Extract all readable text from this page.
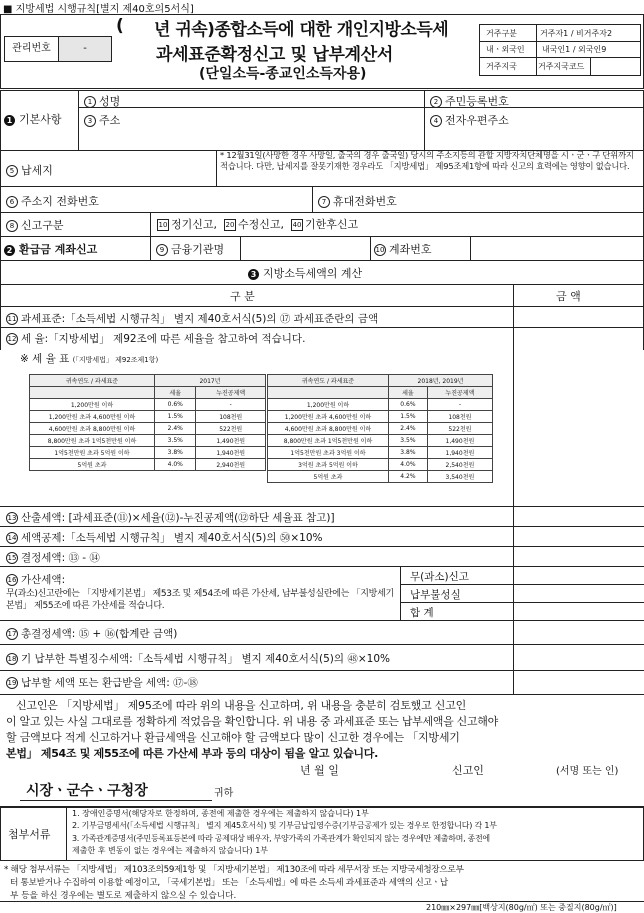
■ 지방세법 시행규칙[별지 제40호의5서식]
관리번호	-
( 년 귀속)종합소득에 대한 개인지방소득세
과세표준확정신고 및 납부계산서
(단일소득-종교인소득자용)
거주구분	거주자1 / 비거주자2
내ㆍ외국인 내국인1 / 외국인9
거주지국	거주지국코드
1 기본사항
1 성명	2 주민등록번호
3 주소	4 전자우편주소
5 납세지
* 12월31일(사망한 경우 사망일, 출국의 경우 출국일) 당시의 주소지등의 관할 지방자치단체명을 시ㆍ군ㆍ구 단위까지 적습니다. 다만, 납세지를 잘못기재한 경우라도 「지방세법」 제95조제1항에 따라 신고의 효력에는 영향이 없습니다.
6 주소지 전화번호	7 휴대전화번호
8 신고구분	10 정기신고, 20 수정신고, 40 기한후신고
2 환급금 계좌신고	9 금융기관명	10 계좌번호
3 지방소득세액의 계산
구 분	금 액
11 과세표준:「소득세법 시행규칙」 별지 제40호서식(5)의 ⑰ 과세표준란의 금액
12 세 율:「지방세법」 제92조에 따른 세율을 참고하여 적습니다.
※ 세 율 표 (「지방세법」 제92조제1항)
귀속연도 / 과세표준	2017년	
	세율	누진공제액
1,200만원 이하	0.6%	-
1,200만원 초과 4,600만원 이하	1.5%	108천원
4,600만원 초과 8,800만원 이하	2.4%	522천원
8,800만원 초과 1억5천만원 이하	3.5%	1,490천원
1억5천만원 초과 5억원 이하	3.8%	1,940천원
5억원 초과	4.0%	2,940천원
귀속연도 / 과세표준	2018년, 2019년	
	세율	누진공제액
1,200만원 이하	0.6%	-
1,200만원 초과 4,600만원 이하	1.5%	108천원
4,600만원 초과 8,800만원 이하	2.4%	522천원
8,800만원 초과 1억5천만원 이하	3.5%	1,490천원
1억5천만원 초과 3억원 이하	3.8%	1,940천원
3억원 초과 5억원 이하	4.0%	2,540천원
5억원 초과	4.2%	3,540천원
13 산출세액: [과세표준(⑪)×세율(⑫)-누진공제액(⑫하단 세율표 참고)]
14 세액공제:「소득세법 시행규칙」 별지 제40호서식(5)의 ㊿×10%
15 결정세액: ⑬ - ⑭
16 가산세액:
무(과소)신고란에는 「지방세기본법」 제53조 및 제54조에 따른 가산세, 납부불성실란에는 「지방세기본법」 제55조에 따른 가산세를 적습니다.
무(과소)신고
납부불성실
합 계
17 총결정세액: ⑮ + ⑯(합계란 금액)
18 기 납부한 특별징수세액:「소득세법 시행규칙」 별지 제40호서식(5)의 ㊽×10%
19 납부할 세액 또는 환급받을 세액: ⑰-⑱
신고인은 「지방세법」 제95조에 따라 위의 내용을 신고하며, 위 내용을 충분히 검토했고 신고인
이 알고 있는 사실 그대로를 정확하게 적었음을 확인합니다. 위 내용 중 과세표준 또는 납부세액을 신고해야
할 금액보다 적게 신고하거나 환급세액을 신고해야 할 금액보다 많이 신고한 경우에는 「지방세기
본법」 제54조 및 제55조에 따른 가산세 부과 등의 대상이 됨을 알고 있습니다.
년 월 일	신고인	(서명 또는 인)
시장ㆍ군수ㆍ구청장	귀하
첨부서류
1. 장애인증명서(해당자로 한정하며, 종전에 제출한 경우에는 제출하지 않습니다) 1부
2. 기부금명세서(「소득세법 시행규칙」 별지 제45호서식) 및 기부금납입영수증(기부금공제가 있는 경우로 한정합니다) 각 1부
3. 가족관계증명서(주민등록표등본에 따라 공제대상 배우자, 부양가족의 가족관계가 확인되지 않는 경우에만 제출하며, 종전에
제출한 후 변동이 없는 경우에는 제출하지 않습니다) 1부
* 해당 첨부서류는 「지방세법」 제103조의59제1항 및 「지방세기본법」 제130조에 따라 세무서장 또는 지방국세청장으로부
터 통보받거나 수집하여 이용할 예정이고, 「국세기본법」 또는 「소득세법」에 따른 소득세 과세표준과 세액의 신고ㆍ납
부 등을 하신 경우에는 별도로 제출하지 않으실 수 있습니다.
210㎜×297㎜[백상지(80g/㎡) 또는 중질지(80g/㎡)]
